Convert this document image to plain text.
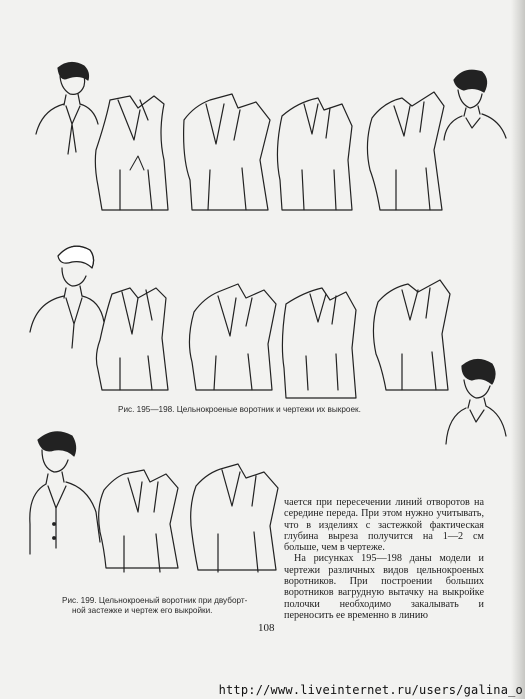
Рис. 195—198. Цельнокроеные воротник и чертежи их выкроек.
Рис. 199. Цельнокроеный воротник при двуборт-
ной застежке и чертеж его выкройки.

чается при пересечении линий отворотов на середине переда. При этом нужно учитывать, что в изделиях с застежкой фактическая глубина выреза получится на 1—2 см больше, чем в чертеже.

На рисунках 195—198 даны модели и чертежи различных видов цельнокроеных воротников. При построении больших воротников вагрудную вытачку на выкройке полочки необходимо закалывать и переносить ее временно в линию

108
http://www.liveinternet.ru/users/galina_o
